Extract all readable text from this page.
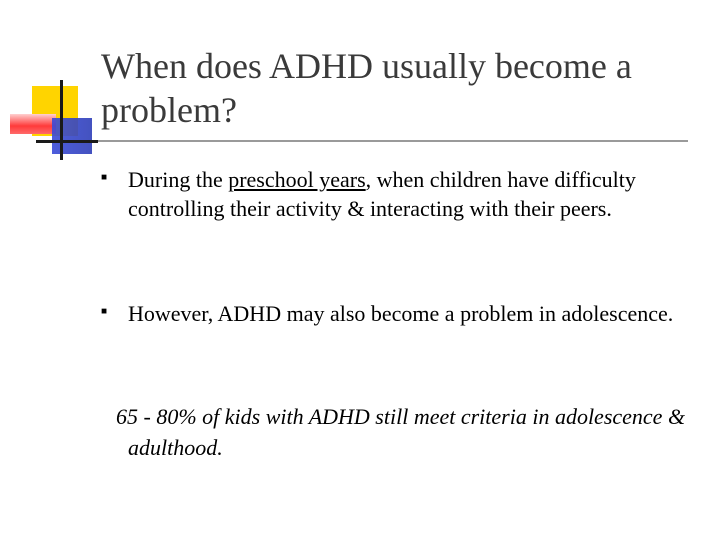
When does ADHD usually become a problem?
■ During the preschool years, when children have difficulty controlling their activity & interacting with their peers.

■ However, ADHD may also become a problem in adolescence.

65 - 80% of kids with ADHD still meet criteria in adolescence & adulthood.
